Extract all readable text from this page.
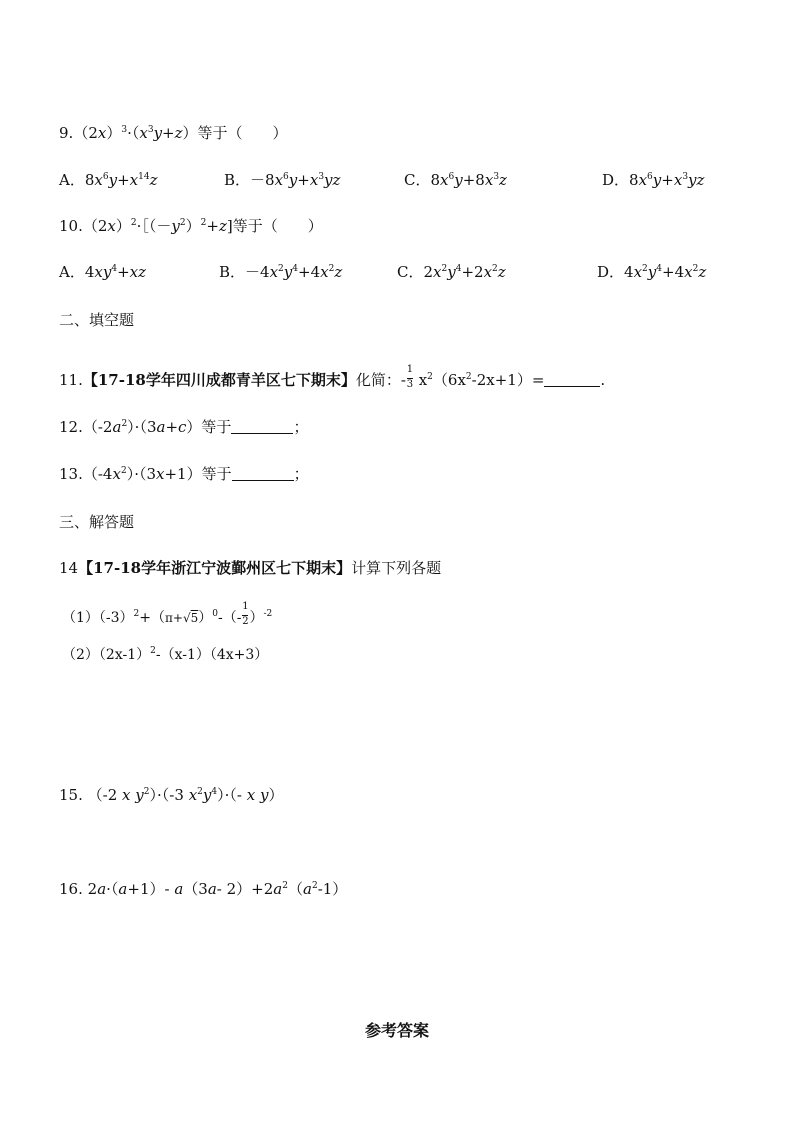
$9.(2x)^3\cdot(x^3y+z)$等于（　　）
A．$8x^6y+x^{14}z$	B．$-8x^6y+x^3yz$	C．$8x^6y+8x^3z$	D．$8x^6y+x^3yz$
$10.(2x)^2\cdot[(-y^2)^2+z$]等于（　　）
A．$4xy^4+xz$	B．$-4x^2y^4+4x^2z$	C．$2x^2y^4+2x^2z$	D．$4x^2y^4+4x^2z$
二、填空题
11.【17-18学年四川成都青羊区七下期末】化简：-
$\frac{1}{3}$
$x^2(6x^2-2x+1)=$	.
$12.(-2a^2)\cdot(3a+c)$等于	；
$13.(-4x^2)\cdot(3x+1)$等于	；
三、解答题
14【17-18学年浙江宁波鄞州区七下期末】计算下列各题
$(1)(-3)^2+(\pi+√5)^0-(-$
$\frac{1}{2}$
）$^{-2}$
$(2)(2x-1)^2-(x-1)(4x+3)$
15. （-2 x $y^2)\cdot(-3$ $x^2y^4)\cdot(-$ x y）
16. 2a·（a+1）- a（3a- $2)+2a^2(a^2-1)$
参考答案
